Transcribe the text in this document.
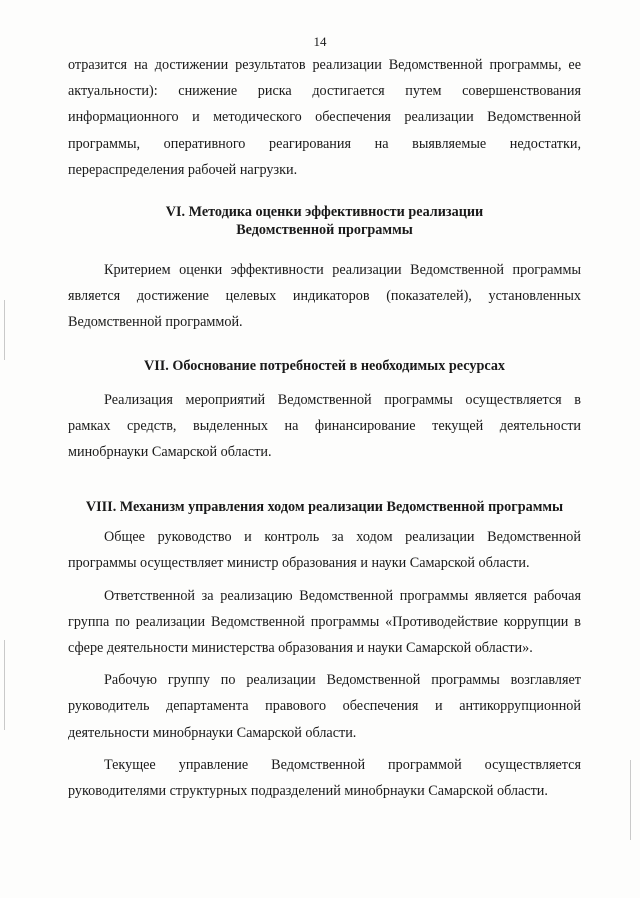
14

отразится на достижении результатов реализации Ведомственной программы, ее актуальности): снижение риска достигается путем совершенствования информационного и методического обеспечения реализации Ведомственной программы, оперативного реагирования на выявляемые недостатки, перераспределения рабочей нагрузки.

VI. Методика оценки эффективности реализации
Ведомственной программы

Критерием оценки эффективности реализации Ведомственной программы является достижение целевых индикаторов (показателей), установленных Ведомственной программой.

VII. Обоснование потребностей в необходимых ресурсах

Реализация мероприятий Ведомственной программы осуществляется в рамках средств, выделенных на финансирование текущей деятельности минобрнауки Самарской области.

VIII. Механизм управления ходом реализации Ведомственной программы

Общее руководство и контроль за ходом реализации Ведомственной программы осуществляет министр образования и науки Самарской области.

Ответственной за реализацию Ведомственной программы является рабочая группа по реализации Ведомственной программы «Противодействие коррупции в сфере деятельности министерства образования и науки Самарской области».

Рабочую группу по реализации Ведомственной программы возглавляет руководитель департамента правового обеспечения и антикоррупционной деятельности минобрнауки Самарской области.

Текущее управление Ведомственной программой осуществляется руководителями структурных подразделений минобрнауки Самарской области.
